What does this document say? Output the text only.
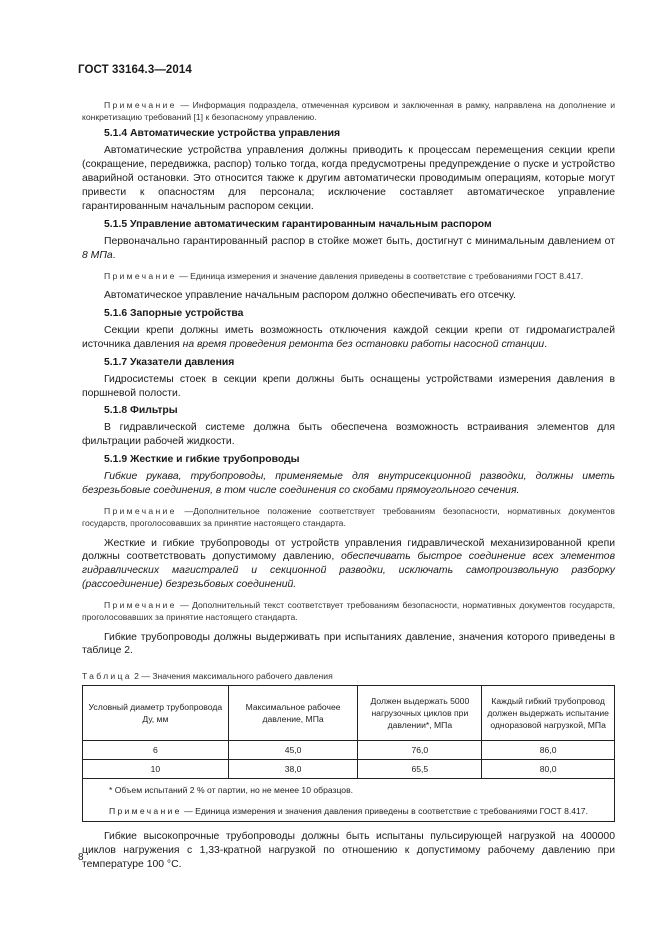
ГОСТ 33164.3—2014

Примечание — Информация подраздела, отмеченная курсивом и заключенная в рамку, направлена на дополнение и конкретизацию требований [1] к безопасному управлению.

5.1.4 Автоматические устройства управления

Автоматические устройства управления должны приводить к процессам перемещения секции крепи (сокращение, передвижка, распор) только тогда, когда предусмотрены предупреждение о пуске и устройство аварийной остановки. Это относится также к другим автоматически проводимым операциям, которые могут привести к опасностям для персонала; исключение составляет автоматическое управление гарантированным начальным распором секции.

5.1.5 Управление автоматическим гарантированным начальным распором

Первоначально гарантированный распор в стойке может быть, достигнут с минимальным давлением от 8 МПа.

Примечание — Единица измерения и значение давления приведены в соответствие с требованиями ГОСТ 8.417.

Автоматическое управление начальным распором должно обеспечивать его отсечку.

5.1.6 Запорные устройства

Секции крепи должны иметь возможность отключения каждой секции крепи от гидромагистралей источника давления на время проведения ремонта без остановки работы насосной станции.

5.1.7 Указатели давления

Гидросистемы стоек в секции крепи должны быть оснащены устройствами измерения давления в поршневой полости.

5.1.8 Фильтры

В гидравлической системе должна быть обеспечена возможность встраивания элементов для фильтрации рабочей жидкости.

5.1.9 Жесткие и гибкие трубопроводы

Гибкие рукава, трубопроводы, применяемые для внутрисекционной разводки, должны иметь безрезьбовые соединения, в том числе соединения со скобами прямоугольного сечения.

Примечание —Дополнительное положение соответствует требованиям безопасности, нормативных документов государств, проголосовавших за принятие настоящего стандарта.

Жесткие и гибкие трубопроводы от устройств управления гидравлической механизированной крепи должны соответствовать допустимому давлению, обеспечивать быстрое соединение всех элементов гидравлических магистралей и секционной разводки, исключать самопроизвольную разборку (рассоединение) безрезьбовых соединений.

Примечание — Дополнительный текст соответствует требованиям безопасности, нормативных документов государств, проголосовавших за принятие настоящего стандарта.

Гибкие трубопроводы должны выдерживать при испытаниях давление, значения которого приведены в таблице 2.

Таблица 2 — Значения максимального рабочего давления

Условный диаметр трубопровода Ду, мм	Максимальное рабочее давление, МПа	Должен выдержать 5000 нагрузочных циклов при давлении*, МПа	Каждый гибкий трубопровод должен выдержать испытание одноразовой нагрузкой, МПа
6	45,0	76,0	86,0
10	38,0	65,5	80,0

* Объем испытаний 2 % от партии, но не менее 10 образцов.

Примечание — Единица измерения и значения давления приведены в соответствие с требованиями ГОСТ 8.417.			

Гибкие высокопрочные трубопроводы должны быть испытаны пульсирующей нагрузкой на 400000 циклов нагружения с 1,33-кратной нагрузкой по отношению к допустимому рабочему давлению при температуре 100 °С.

8
